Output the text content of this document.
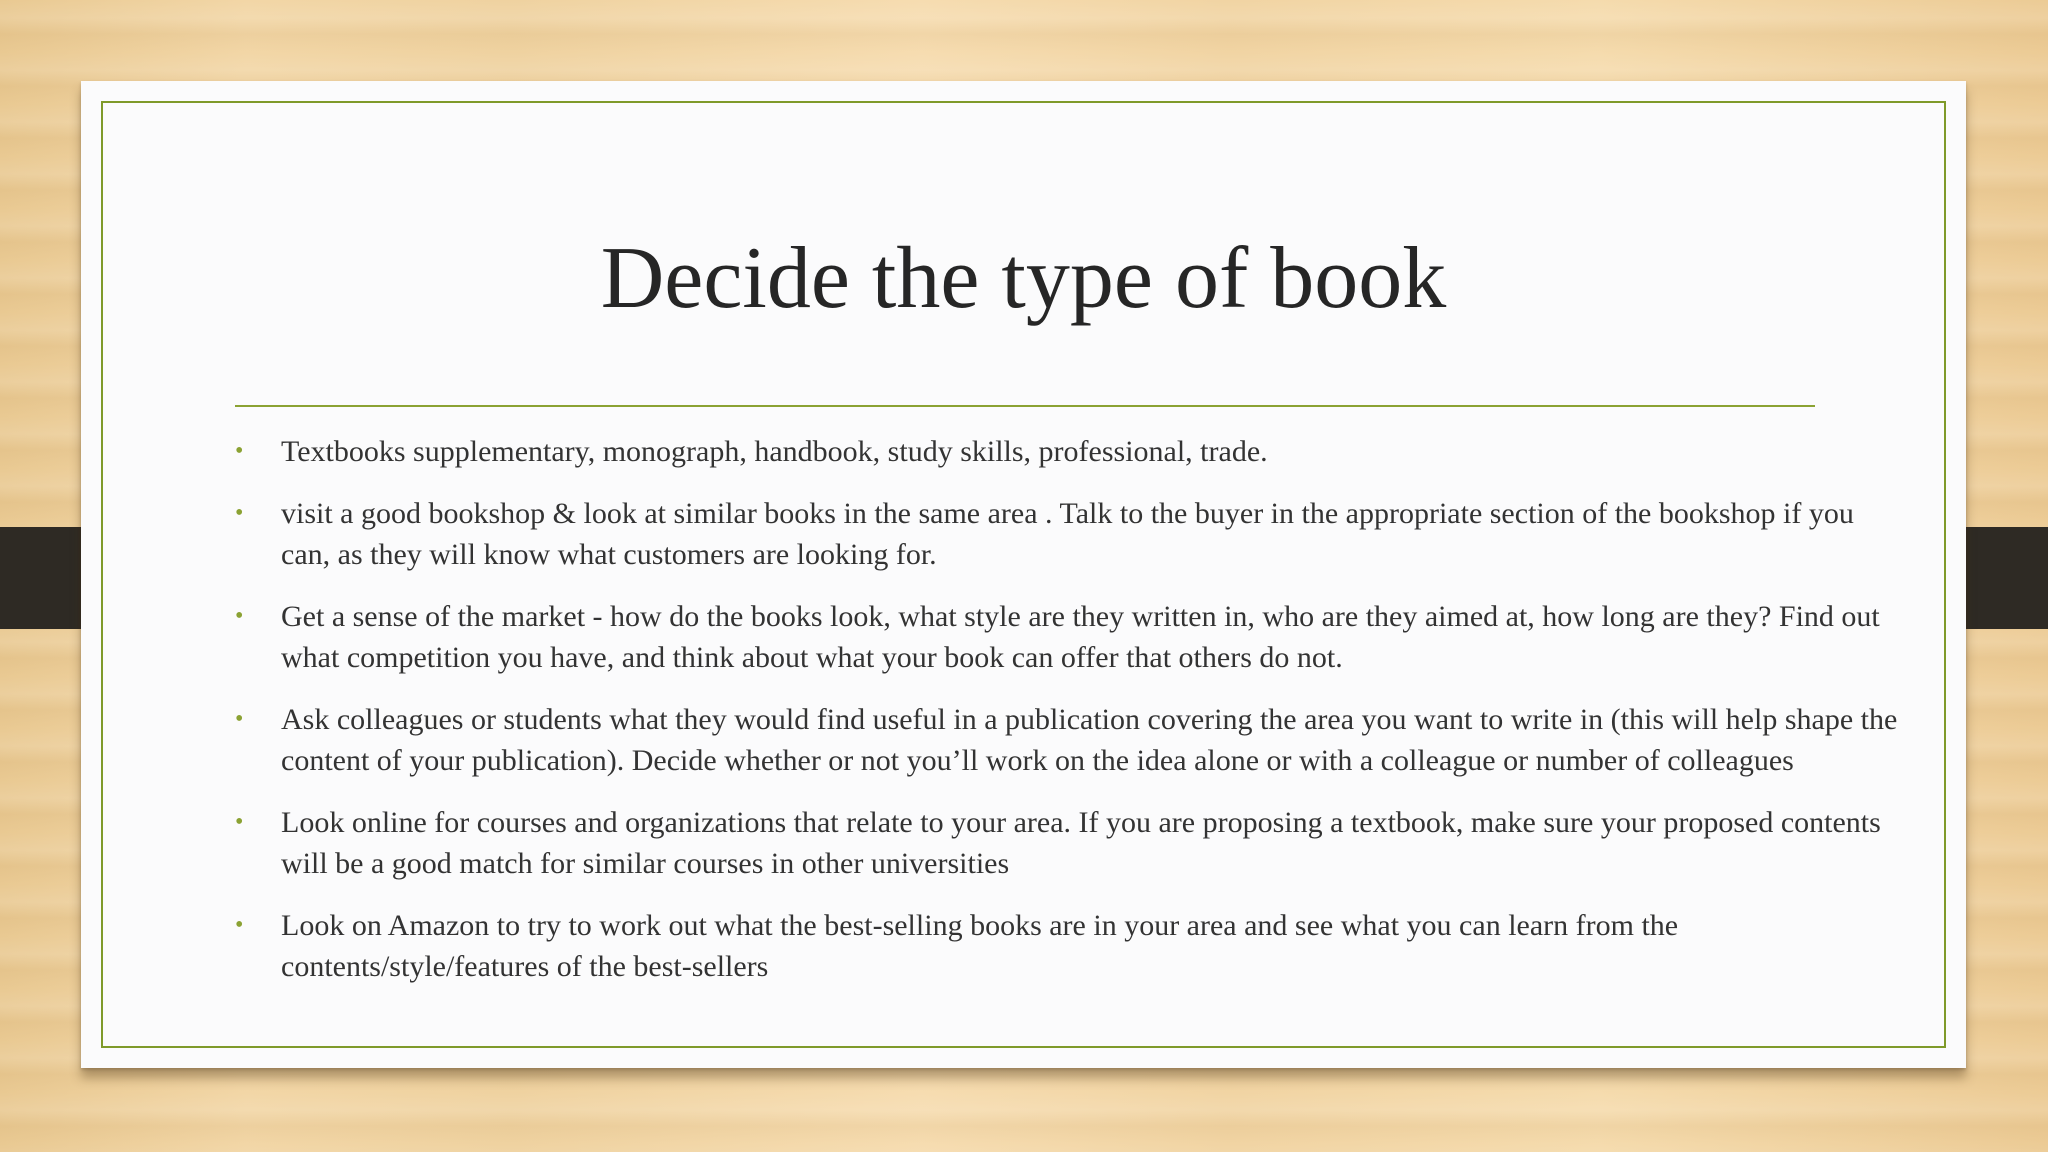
Decide the type of book
• Textbooks supplementary, monograph, handbook, study skills, professional, trade.
• visit a good bookshop & look at similar books in the same area . Talk to the buyer in the appropriate section of the bookshop if you can, as they will know what customers are looking for.
• Get a sense of the market - how do the books look, what style are they written in, who are they aimed at, how long are they? Find out what competition you have, and think about what your book can offer that others do not.
• Ask colleagues or students what they would find useful in a publication covering the area you want to write in (this will help shape the content of your publication). Decide whether or not you’ll work on the idea alone or with a colleague or number of colleagues
• Look online for courses and organizations that relate to your area. If you are proposing a textbook, make sure your proposed contents will be a good match for similar courses in other universities
• Look on Amazon to try to work out what the best-selling books are in your area and see what you can learn from the contents/style/features of the best-sellers
